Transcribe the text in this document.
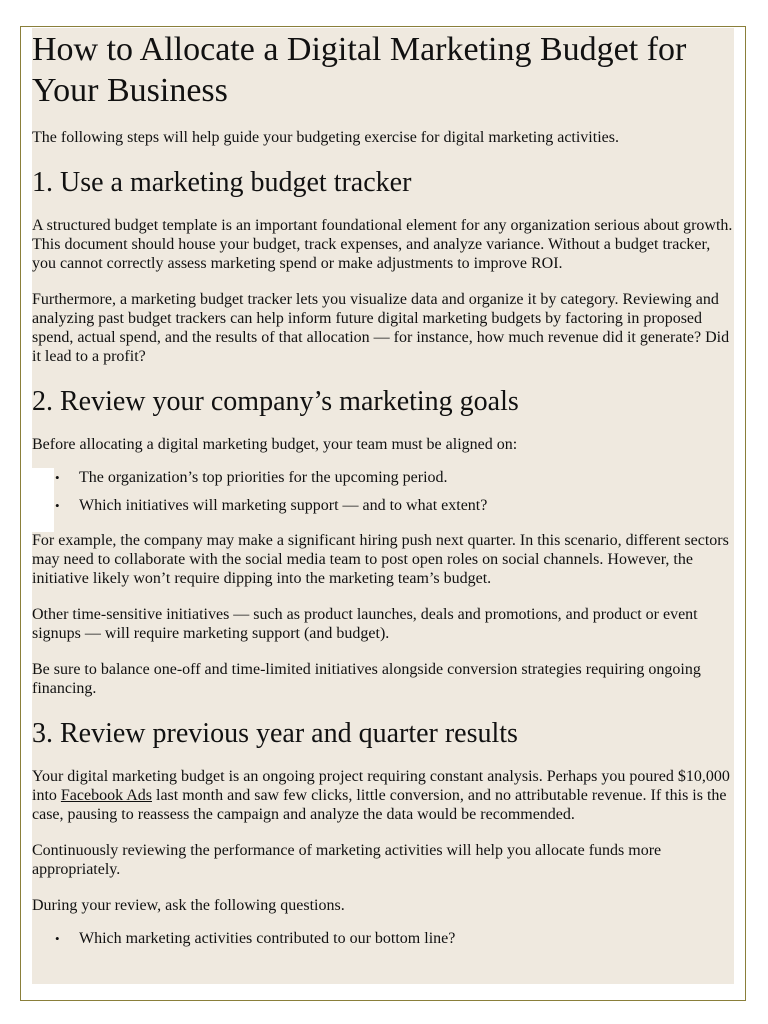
How to Allocate a Digital Marketing Budget for Your Business

The following steps will help guide your budgeting exercise for digital marketing activities.

1. Use a marketing budget tracker

A structured budget template is an important foundational element for any organization serious about growth. This document should house your budget, track expenses, and analyze variance. Without a budget tracker, you cannot correctly assess marketing spend or make adjustments to improve ROI.

Furthermore, a marketing budget tracker lets you visualize data and organize it by category. Reviewing and analyzing past budget trackers can help inform future digital marketing budgets by factoring in proposed spend, actual spend, and the results of that allocation — for instance, how much revenue did it generate? Did it lead to a profit?

2. Review your company’s marketing goals

Before allocating a digital marketing budget, your team must be aligned on:

• The organization’s top priorities for the upcoming period.
• Which initiatives will marketing support — and to what extent?

For example, the company may make a significant hiring push next quarter. In this scenario, different sectors may need to collaborate with the social media team to post open roles on social channels. However, the initiative likely won’t require dipping into the marketing team’s budget.

Other time-sensitive initiatives — such as product launches, deals and promotions, and product or event signups — will require marketing support (and budget).

Be sure to balance one-off and time-limited initiatives alongside conversion strategies requiring ongoing financing.

3. Review previous year and quarter results

Your digital marketing budget is an ongoing project requiring constant analysis. Perhaps you poured $10,000 into Facebook Ads last month and saw few clicks, little conversion, and no attributable revenue. If this is the case, pausing to reassess the campaign and analyze the data would be recommended.

Continuously reviewing the performance of marketing activities will help you allocate funds more appropriately.

During your review, ask the following questions.

• Which marketing activities contributed to our bottom line?
